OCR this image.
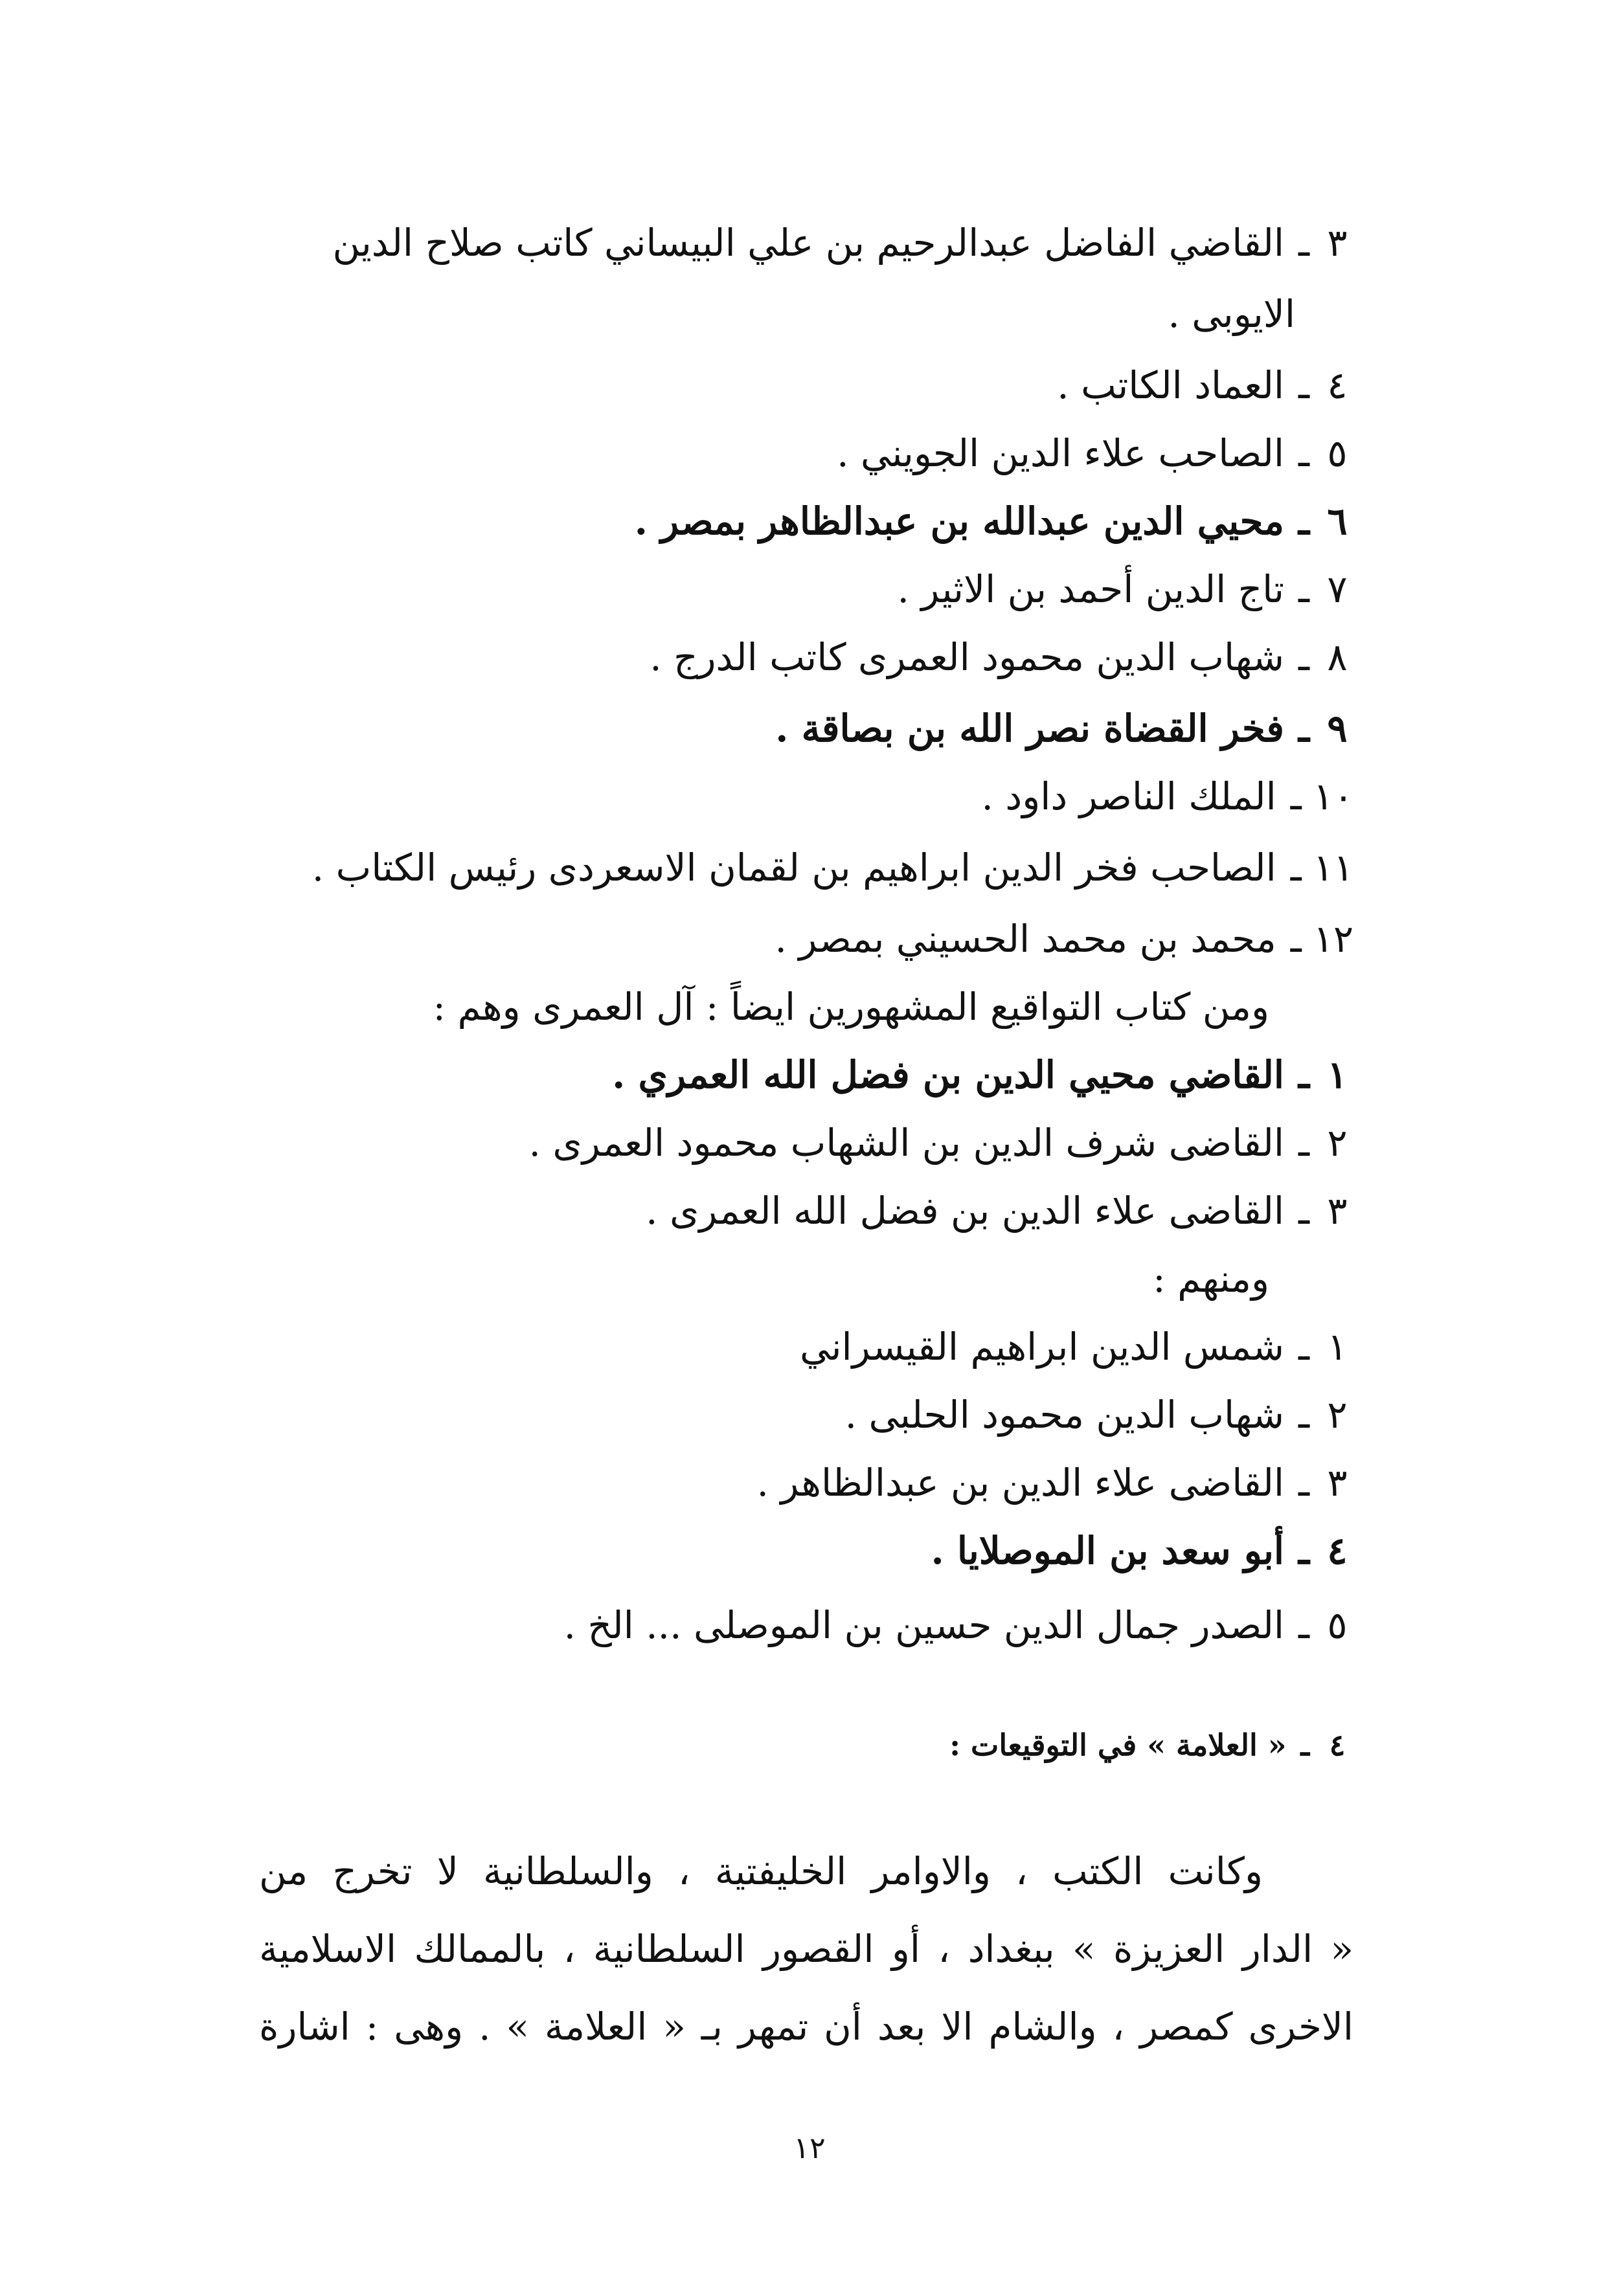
٣ـالقاضي الفاضل عبدالرحيم بن علي البيساني كاتب صلاح الدين
الايوبى .
٤ـالعماد الكاتب .
٥ـالصاحب علاء الدين الجويني .
٦ـمحيي الدين عبدالله بن عبدالظاهر بمصر .
٧ـتاج الدين أحمد بن الاثير .
٨ـشهاب الدين محمود العمرى كاتب الدرج .
٩ـفخر القضاة نصر الله بن بصاقة .
١٠ـالملك الناصر داود .
١١ـالصاحب فخر الدين ابراهيم بن لقمان الاسعردى رئيس الكتاب .
١٢ـمحمد بن محمد الحسيني بمصر .
ومن كتاب التواقيع المشهورين ايضاً : آل العمرى وهم :
١ـالقاضي محيي الدين بن فضل الله العمري .
٢ـالقاضى شرف الدين بن الشهاب محمود العمرى .
٣ـالقاضى علاء الدين بن فضل الله العمرى .
ومنهم :
١ـشمس الدين ابراهيم القيسراني
٢ـشهاب الدين محمود الحلبى .
٣ـالقاضى علاء الدين بن عبدالظاهر .
٤ـأبو سعد بن الموصلايا .
٥ـالصدر جمال الدين حسين بن الموصلى ... الخ .
٤ـ« العلامة » في التوقيعات :
وكانت الكتب ، والاوامر الخليفتية ، والسلطانية لا تخرج من
« الدار العزيزة » ببغداد ، أو القصور السلطانية ، بالممالك الاسلامية
الاخرى كمصر ، والشام الا بعد أن تمهر بـ « العلامة » . وهى : اشارة
١٢
